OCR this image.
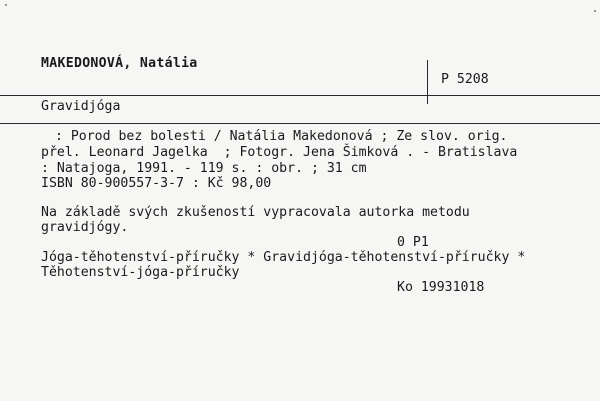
MAKEDONOVÁ, Natália
P 5208
Gravidjóga
: Porod bez bolesti / Natália Makedonová ; Ze slov. orig.
přel. Leonard Jagelka  ; Fotogr. Jena Šimková . - Bratislava
: Natajoga, 1991. - 119 s. : obr. ; 31 cm
ISBN 80-900557-3-7 : Kč 98,00
Na základě svých zkušeností vypracovala autorka metodu
gravidjógy.
0 P1
Jóga-těhotenství-příručky * Gravidjóga-těhotenství-příručky *
Těhotenství-jóga-příručky
Ko 19931018
